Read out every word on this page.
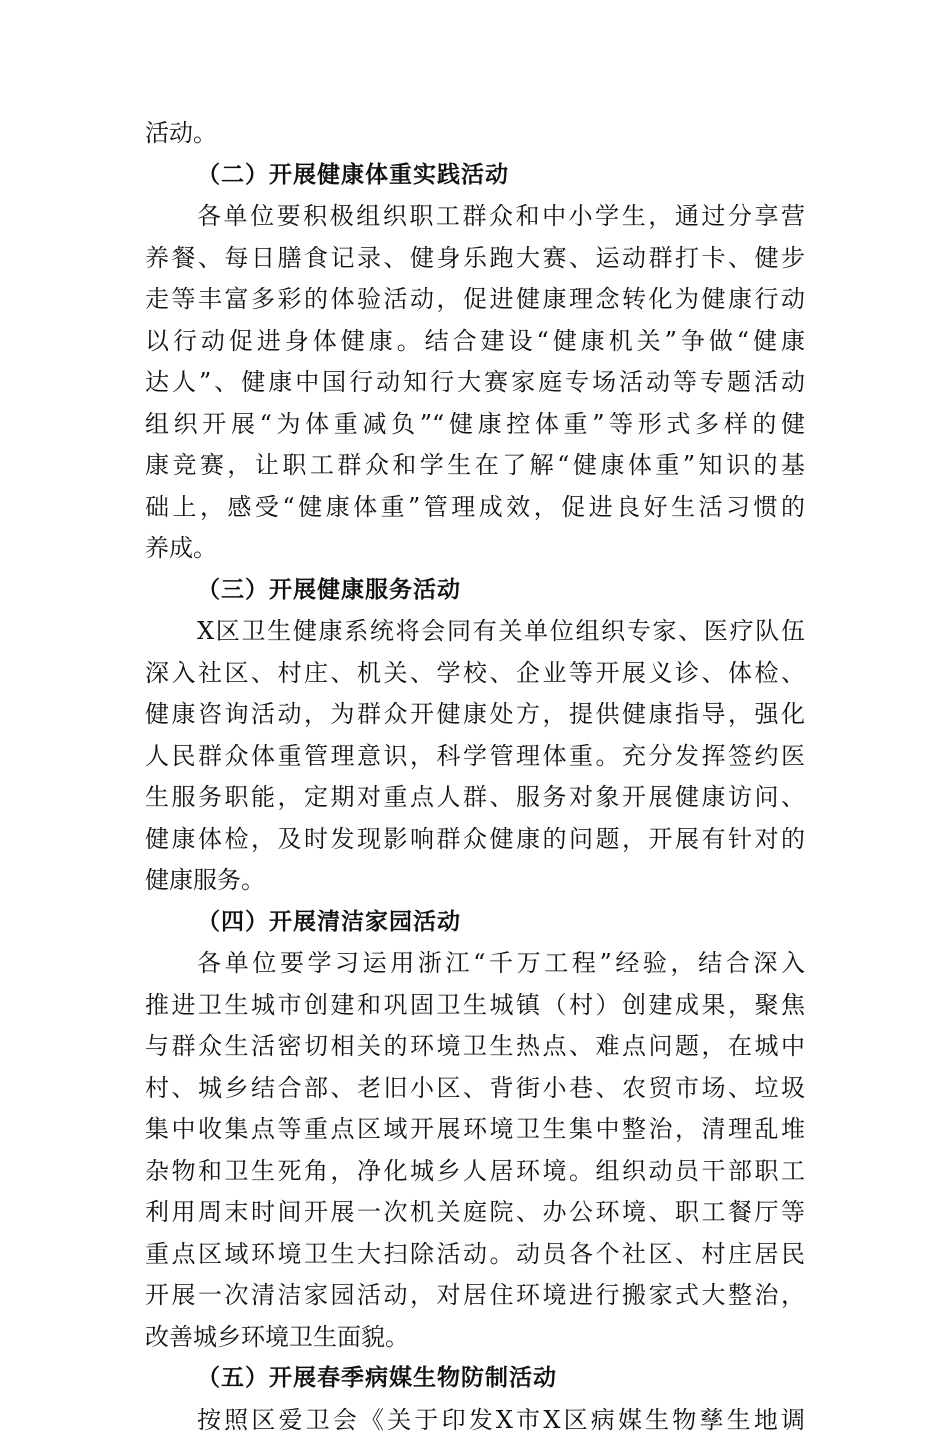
活动。
（二）开展健康体重实践活动
各单位要积极组织职工群众和中小学生，通过分享营
养餐、每日膳食记录、健身乐跑大赛、运动群打卡、健步
走等丰富多彩的体验活动，促进健康理念转化为健康行动
以行动促进身体健康。结合建设“健康机关”争做“健康
达人”、健康中国行动知行大赛家庭专场活动等专题活动
组织开展“为体重减负”“健康控体重”等形式多样的健
康竞赛，让职工群众和学生在了解“健康体重”知识的基
础上，感受“健康体重”管理成效，促进良好生活习惯的
养成。
（三）开展健康服务活动
X区卫生健康系统将会同有关单位组织专家、医疗队伍
深入社区、村庄、机关、学校、企业等开展义诊、体检、
健康咨询活动，为群众开健康处方，提供健康指导，强化
人民群众体重管理意识，科学管理体重。充分发挥签约医
生服务职能，定期对重点人群、服务对象开展健康访问、
健康体检，及时发现影响群众健康的问题，开展有针对的
健康服务。
（四）开展清洁家园活动
各单位要学习运用浙江“千万工程”经验，结合深入
推进卫生城市创建和巩固卫生城镇（村）创建成果，聚焦
与群众生活密切相关的环境卫生热点、难点问题，在城中
村、城乡结合部、老旧小区、背街小巷、农贸市场、垃圾
集中收集点等重点区域开展环境卫生集中整治，清理乱堆
杂物和卫生死角，净化城乡人居环境。组织动员干部职工
利用周末时间开展一次机关庭院、办公环境、职工餐厅等
重点区域环境卫生大扫除活动。动员各个社区、村庄居民
开展一次清洁家园活动，对居住环境进行搬家式大整治，
改善城乡环境卫生面貌。
（五）开展春季病媒生物防制活动
按照区爱卫会《关于印发X市X区病媒生物孳生地调
